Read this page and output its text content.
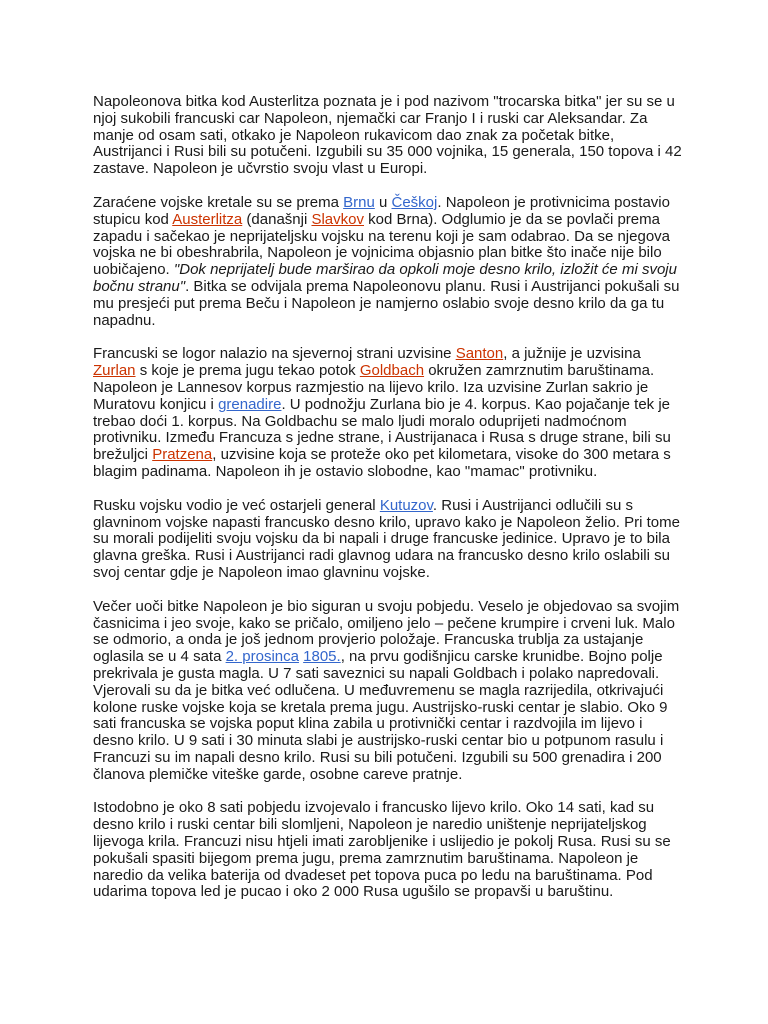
Napoleonova bitka kod Austerlitza poznata je i pod nazivom "trocarska bitka" jer su se u njoj sukobili francuski car Napoleon, njemački car Franjo I i ruski car Aleksandar. Za manje od osam sati, otkako je Napoleon rukavicom dao znak za početak bitke, Austrijanci i Rusi bili su potučeni. Izgubili su 35 000 vojnika, 15 generala, 150 topova i 42 zastave. Napoleon je učvrstio svoju vlast u Europi.

Zaraćene vojske kretale su se prema Brnu u Češkoj. Napoleon je protivnicima postavio stupicu kod Austerlitza (današnji Slavkov kod Brna). Odglumio je da se povlači prema zapadu i sačekao je neprijateljsku vojsku na terenu koji je sam odabrao. Da se njegova vojska ne bi obeshrabrila, Napoleon je vojnicima objasnio plan bitke što inače nije bilo uobičajeno. "Dok neprijatelj bude marširao da opkoli moje desno krilo, izložit će mi svoju bočnu stranu". Bitka se odvijala prema Napoleonovu planu. Rusi i Austrijanci pokušali su mu presjeći put prema Beču i Napoleon je namjerno oslabio svoje desno krilo da ga tu napadnu.

Francuski se logor nalazio na sjevernoj strani uzvisine Santon, a južnije je uzvisina Zurlan s koje je prema jugu tekao potok Goldbach okružen zamrznutim baruštinama. Napoleon je Lannesov korpus razmjestio na lijevo krilo. Iza uzvisine Zurlan sakrio je Muratovu konjicu i grenadire. U podnožju Zurlana bio je 4. korpus. Kao pojačanje tek je trebao doći 1. korpus. Na Goldbachu se malo ljudi moralo oduprijeti nadmoćnom protivniku. Između Francuza s jedne strane, i Austrijanaca i Rusa s druge strane, bili su brežuljci Pratzena, uzvisine koja se proteže oko pet kilometara, visoke do 300 metara s blagim padinama. Napoleon ih je ostavio slobodne, kao "mamac" protivniku.

Rusku vojsku vodio je već ostarjeli general Kutuzov. Rusi i Austrijanci odlučili su s glavninom vojske napasti francusko desno krilo, upravo kako je Napoleon želio. Pri tome su morali podijeliti svoju vojsku da bi napali i druge francuske jedinice. Upravo je to bila glavna greška. Rusi i Austrijanci radi glavnog udara na francusko desno krilo oslabili su svoj centar gdje je Napoleon imao glavninu vojske.

Večer uoči bitke Napoleon je bio siguran u svoju pobjedu. Veselo je objedovao sa svojim časnicima i jeo svoje, kako se pričalo, omiljeno jelo – pečene krumpire i crveni luk. Malo se odmorio, a onda je još jednom provjerio položaje. Francuska trublja za ustajanje oglasila se u 4 sata 2. prosinca 1805., na prvu godišnjicu carske krunidbe. Bojno polje prekrivala je gusta magla. U 7 sati saveznici su napali Goldbach i polako napredovali. Vjerovali su da je bitka već odlučena. U međuvremenu se magla razrijedila, otkrivajući kolone ruske vojske koja se kretala prema jugu. Austrijsko-ruski centar je slabio. Oko 9 sati francuska se vojska poput klina zabila u protivnički centar i razdvojila im lijevo i desno krilo. U 9 sati i 30 minuta slabi je austrijsko-ruski centar bio u potpunom rasulu i Francuzi su im napali desno krilo. Rusi su bili potučeni. Izgubili su 500 grenadira i 200 članova plemičke viteške garde, osobne careve pratnje.

Istodobno je oko 8 sati pobjedu izvojevalo i francusko lijevo krilo. Oko 14 sati, kad su desno krilo i ruski centar bili slomljeni, Napoleon je naredio uništenje neprijateljskog lijevoga krila. Francuzi nisu htjeli imati zarobljenike i uslijedio je pokolj Rusa. Rusi su se pokušali spasiti bijegom prema jugu, prema zamrznutim baruštinama. Napoleon je naredio da velika baterija od dvadeset pet topova puca po ledu na baruštinama. Pod udarima topova led je pucao i oko 2 000 Rusa ugušilo se propavši u baruštinu.
